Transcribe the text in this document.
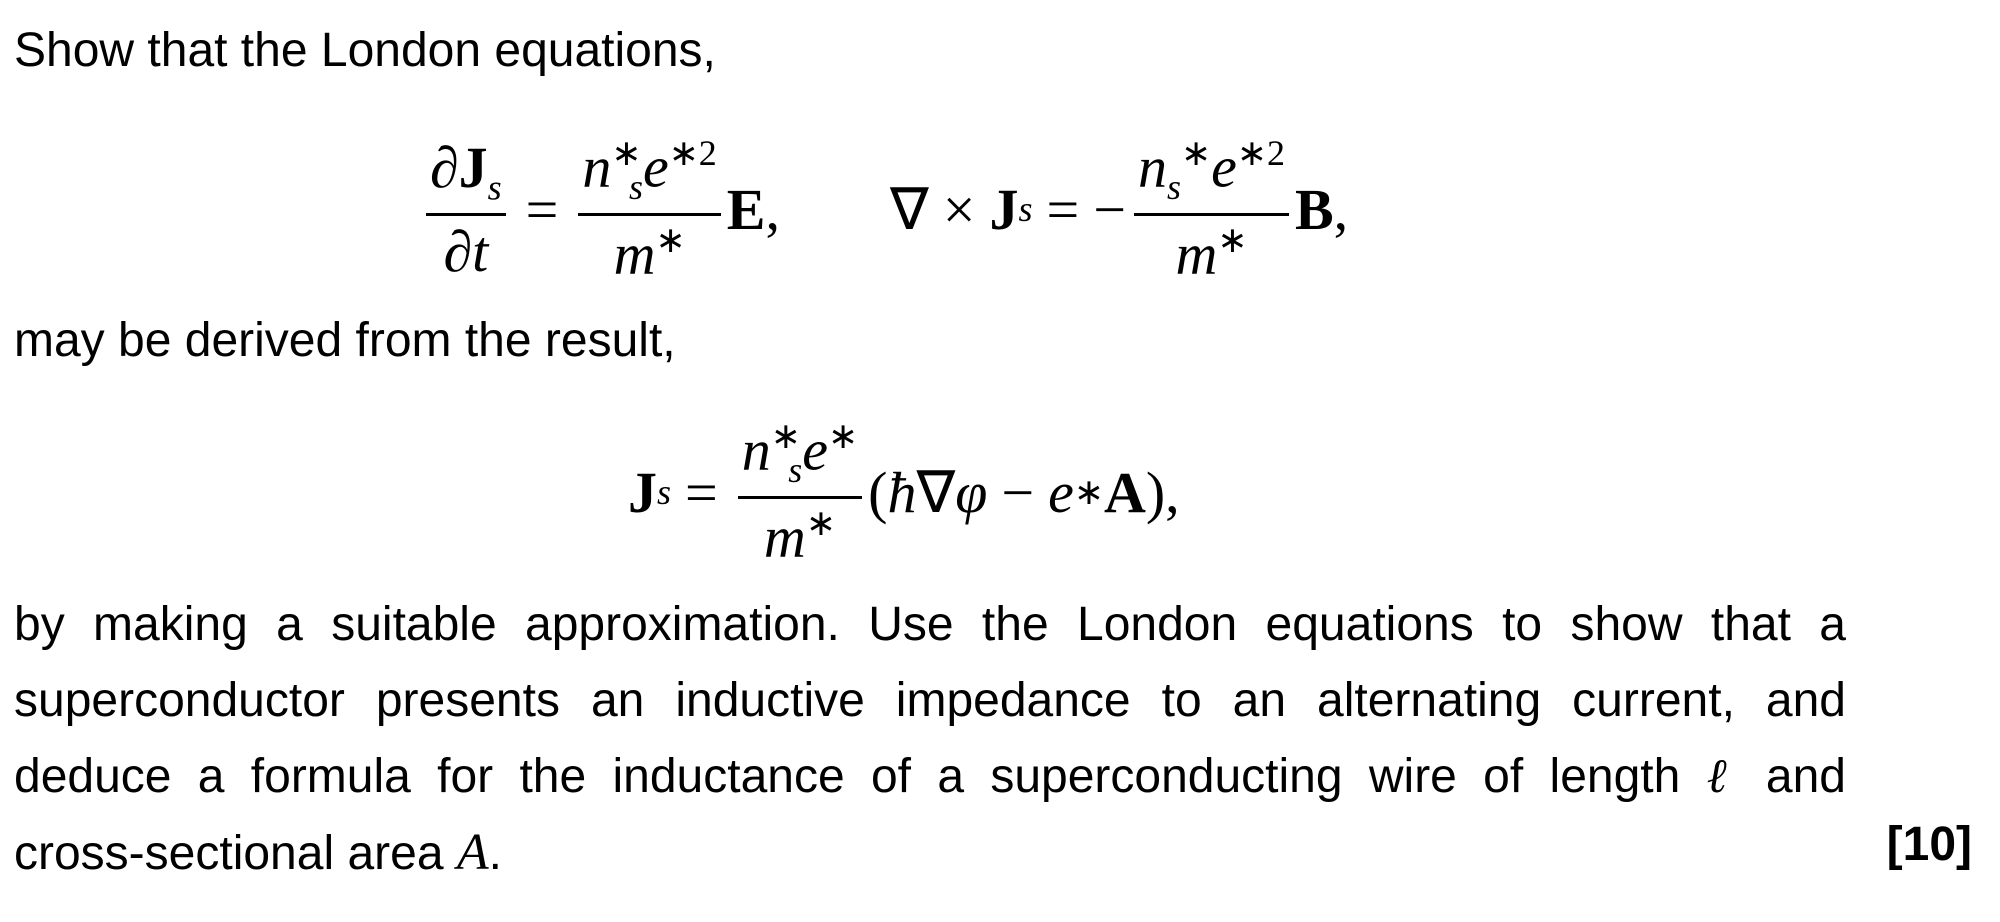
Show that the London equations,
$\frac{\partial J_s}{\partial t} = \frac{n^∗_se^{∗2}}{m^∗}$ E , ∇ × J s = − $\frac{n_s^∗e^{∗2}}{m^∗}$ B ,
may be derived from the result,
J $s = \frac{n^∗_se^∗}{m^∗}$ ( ħ ∇ φ − e ∗ A ),
by making a suitable approximation. Use the London equations to show that a
superconductor presents an inductive impedance to an alternating current, and
deduce a formula for the inductance of a superconducting wire of length ℓ and
cross-sectional area A.	[10]
